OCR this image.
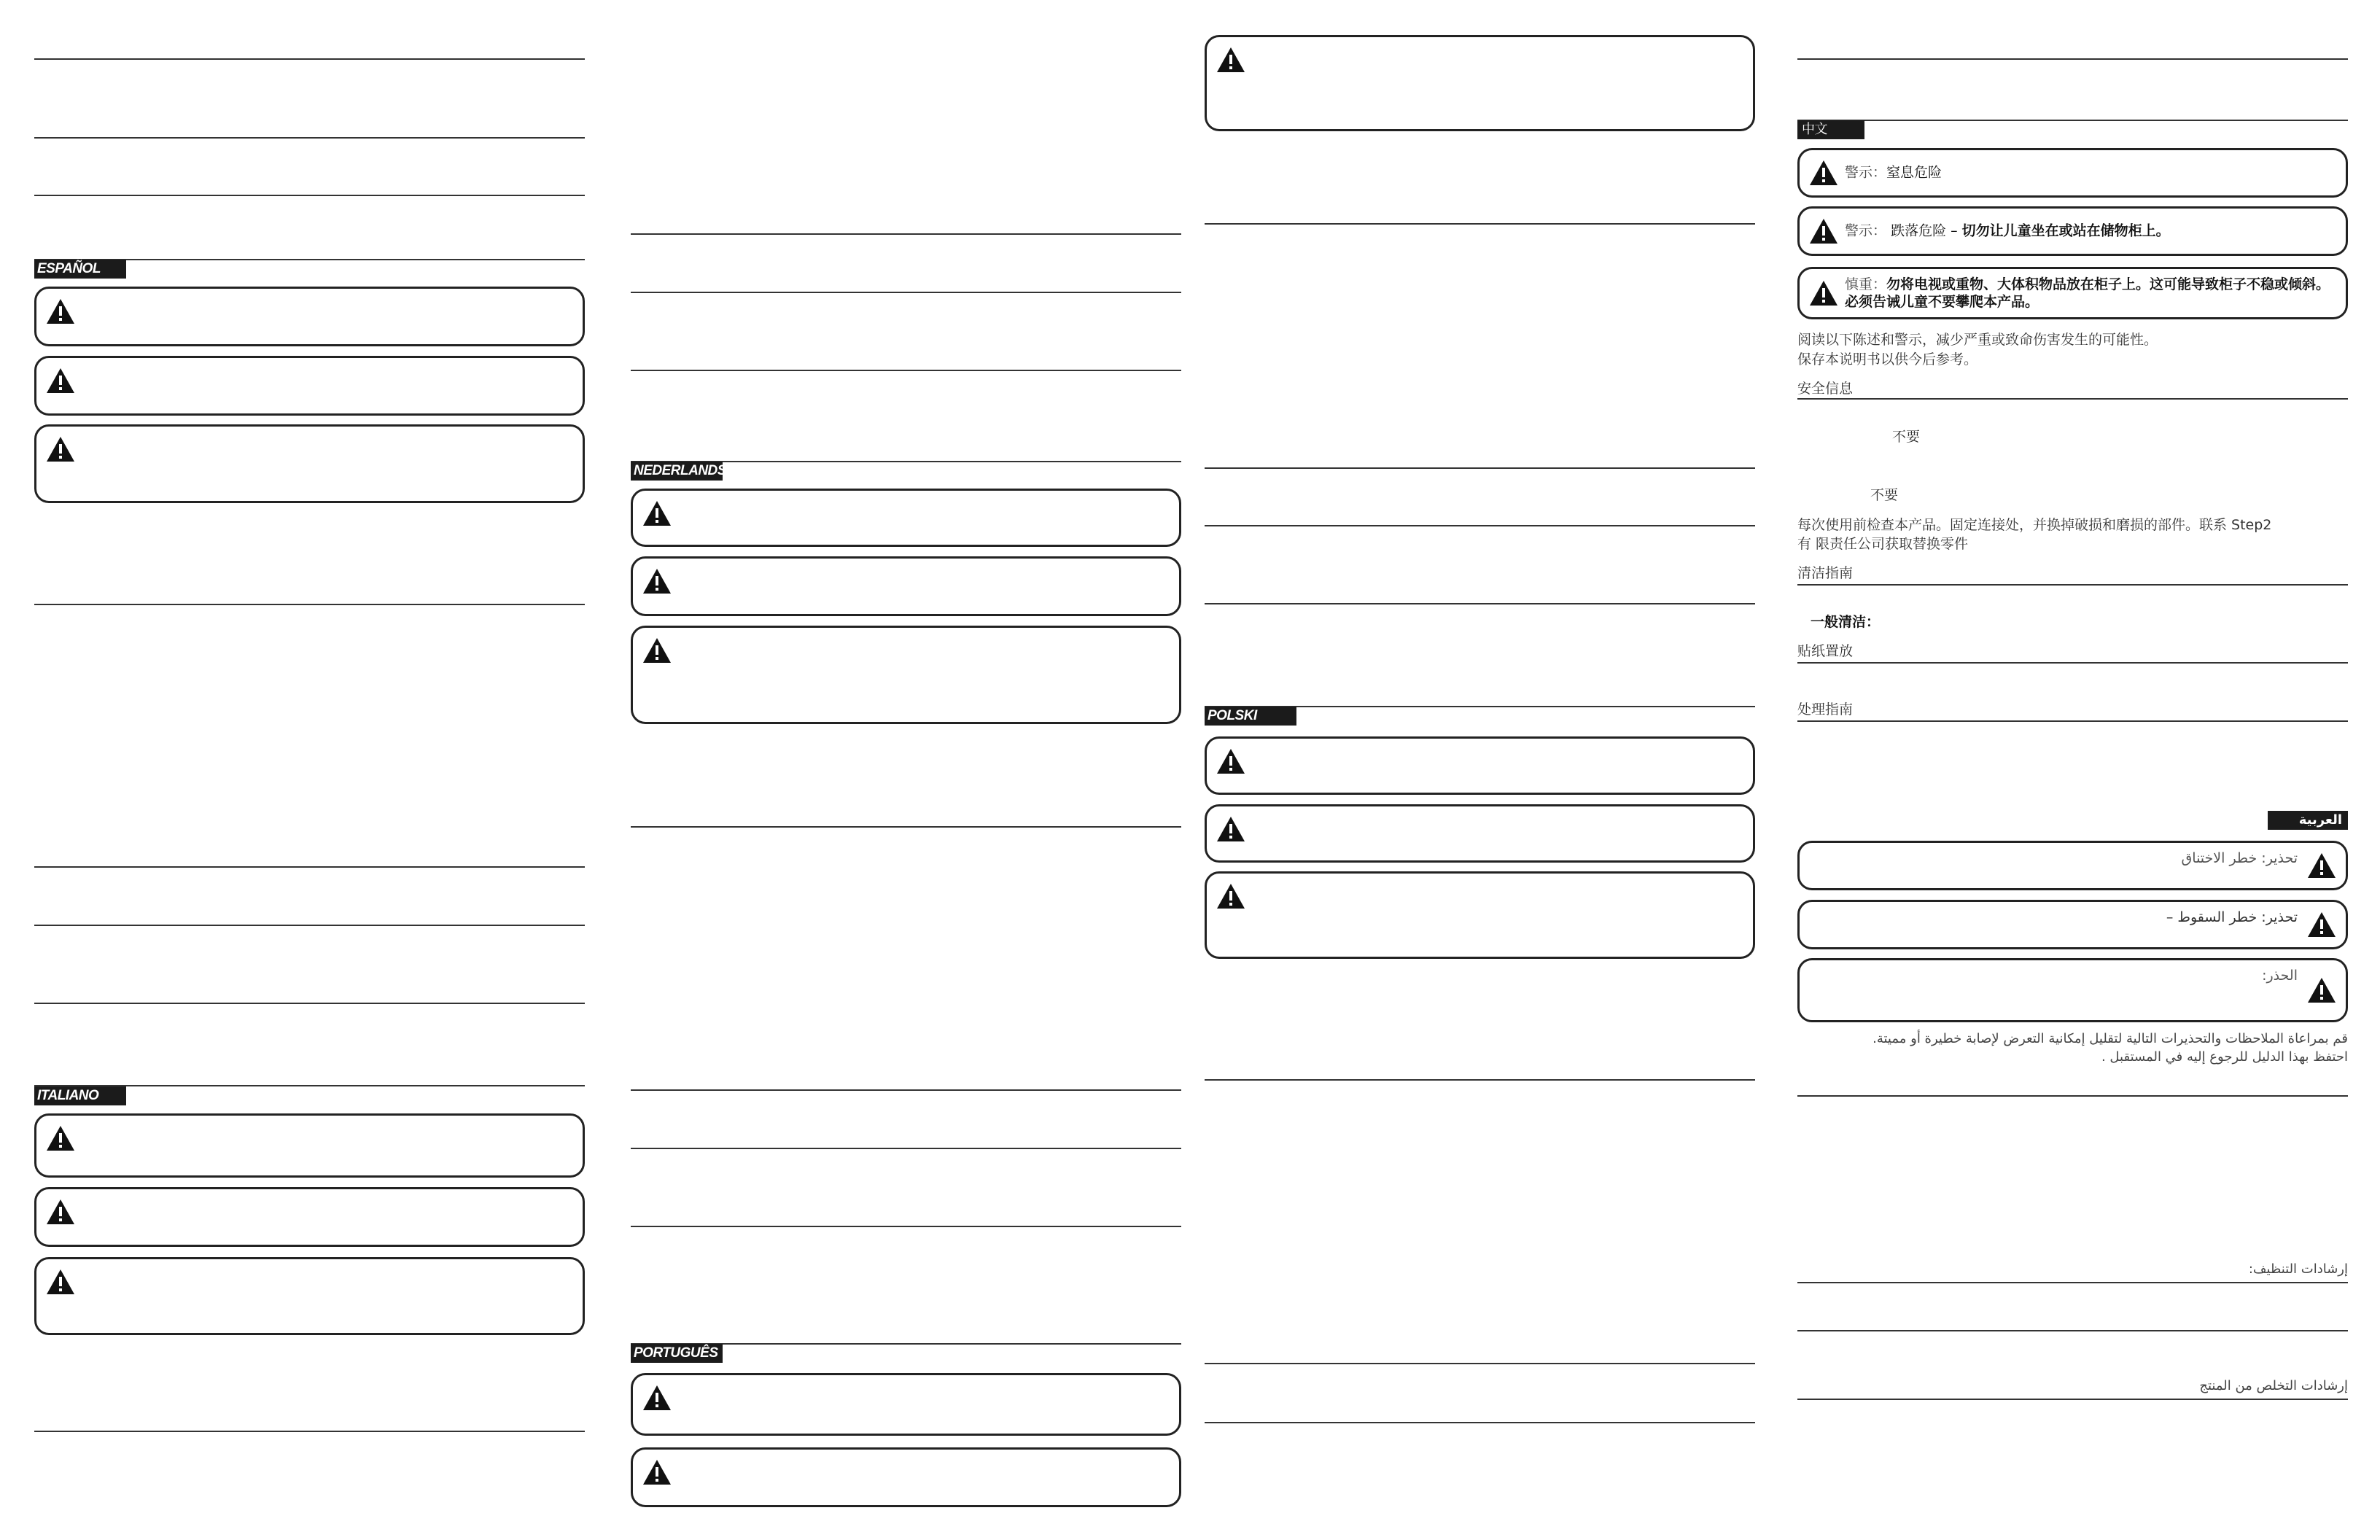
ESPAÑOL
ITALIANO
NEDERLANDS
PORTUGUÊS
POLSKI
中文
警示：窒息危险
警示： 跌落危险 – 切勿让儿童坐在或站在储物柜上。
慎重：勿将电视或重物、大体积物品放在柜子上。这可能导致柜子不稳或倾斜。必须告诫儿童不要攀爬本产品。
阅读以下陈述和警示，减少严重或致命伤害发生的可能性。
保存本说明书以供今后参考。
安全信息
不要
不要
每次使用前检查本产品。固定连接处，并换掉破损和磨损的部件。联系 Step2
有 限责任公司获取替换零件
清洁指南
一般清洁：
贴纸置放
处理指南
العربية
تحذير: خطر الاختناق
تحذير: خطر السقوط –
الحذر:
قم بمراعاة الملاحظات والتحذيرات التالية لتقليل إمكانية التعرض لإصابة خطيرة أو مميتة.
احتفظ بهذا الدليل للرجوع إليه في المستقبل .
إرشادات التنظيف:
إرشادات التخلص من المنتج
